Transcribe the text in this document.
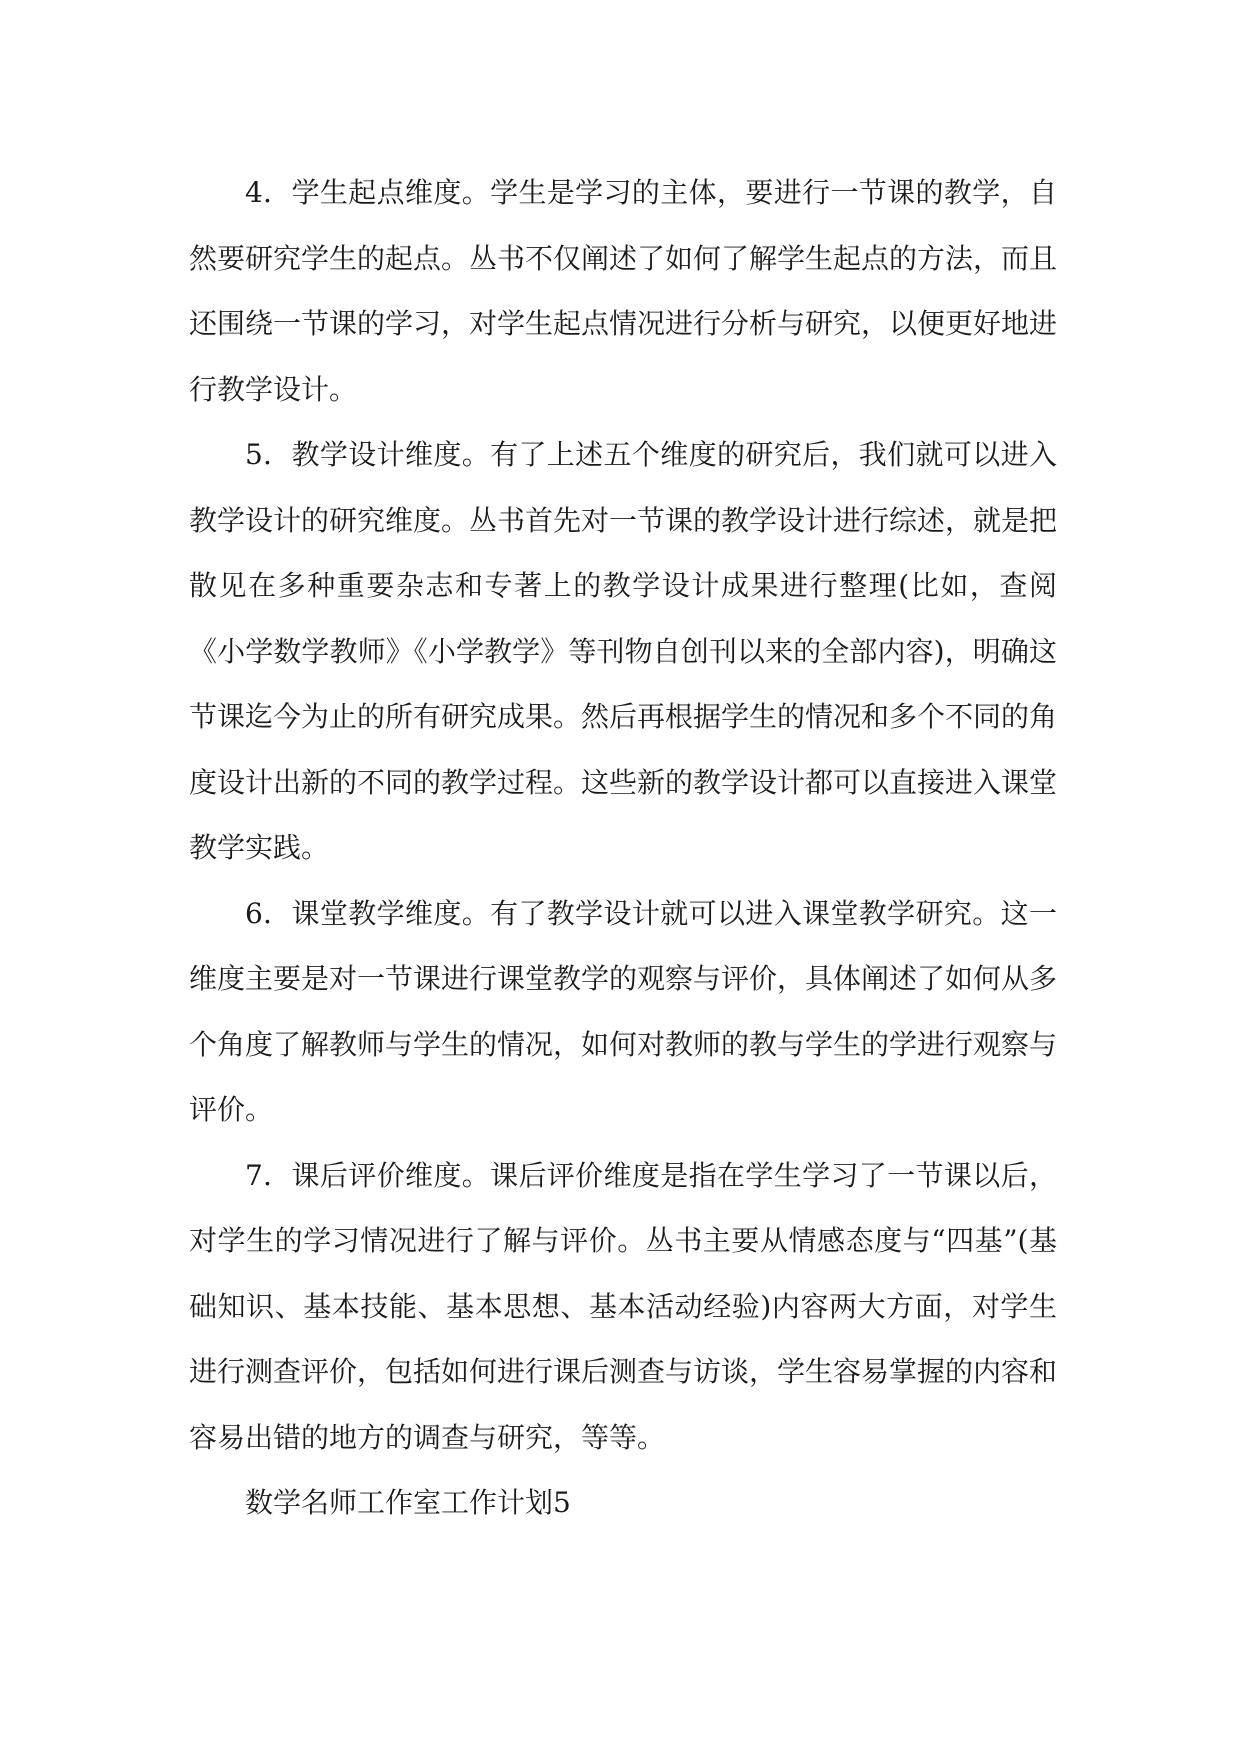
4．学生起点维度。学生是学习的主体，要进行一节课的教学，自然要研究学生的起点。丛书不仅阐述了如何了解学生起点的方法，而且还围绕一节课的学习，对学生起点情况进行分析与研究，以便更好地进行教学设计。

5．教学设计维度。有了上述五个维度的研究后，我们就可以进入教学设计的研究维度。丛书首先对一节课的教学设计进行综述，就是把散见在多种重要杂志和专著上的教学设计成果进行整理(比如，查阅《小学数学教师》《小学教学》等刊物自创刊以来的全部内容)，明确这节课迄今为止的所有研究成果。然后再根据学生的情况和多个不同的角度设计出新的不同的教学过程。这些新的教学设计都可以直接进入课堂教学实践。

6．课堂教学维度。有了教学设计就可以进入课堂教学研究。这一维度主要是对一节课进行课堂教学的观察与评价，具体阐述了如何从多个角度了解教师与学生的情况，如何对教师的教与学生的学进行观察与评价。

7．课后评价维度。课后评价维度是指在学生学习了一节课以后，对学生的学习情况进行了解与评价。丛书主要从情感态度与“四基”(基础知识、基本技能、基本思想、基本活动经验)内容两大方面，对学生进行测查评价，包括如何进行课后测查与访谈，学生容易掌握的内容和容易出错的地方的调查与研究，等等。

数学名师工作室工作计划5
